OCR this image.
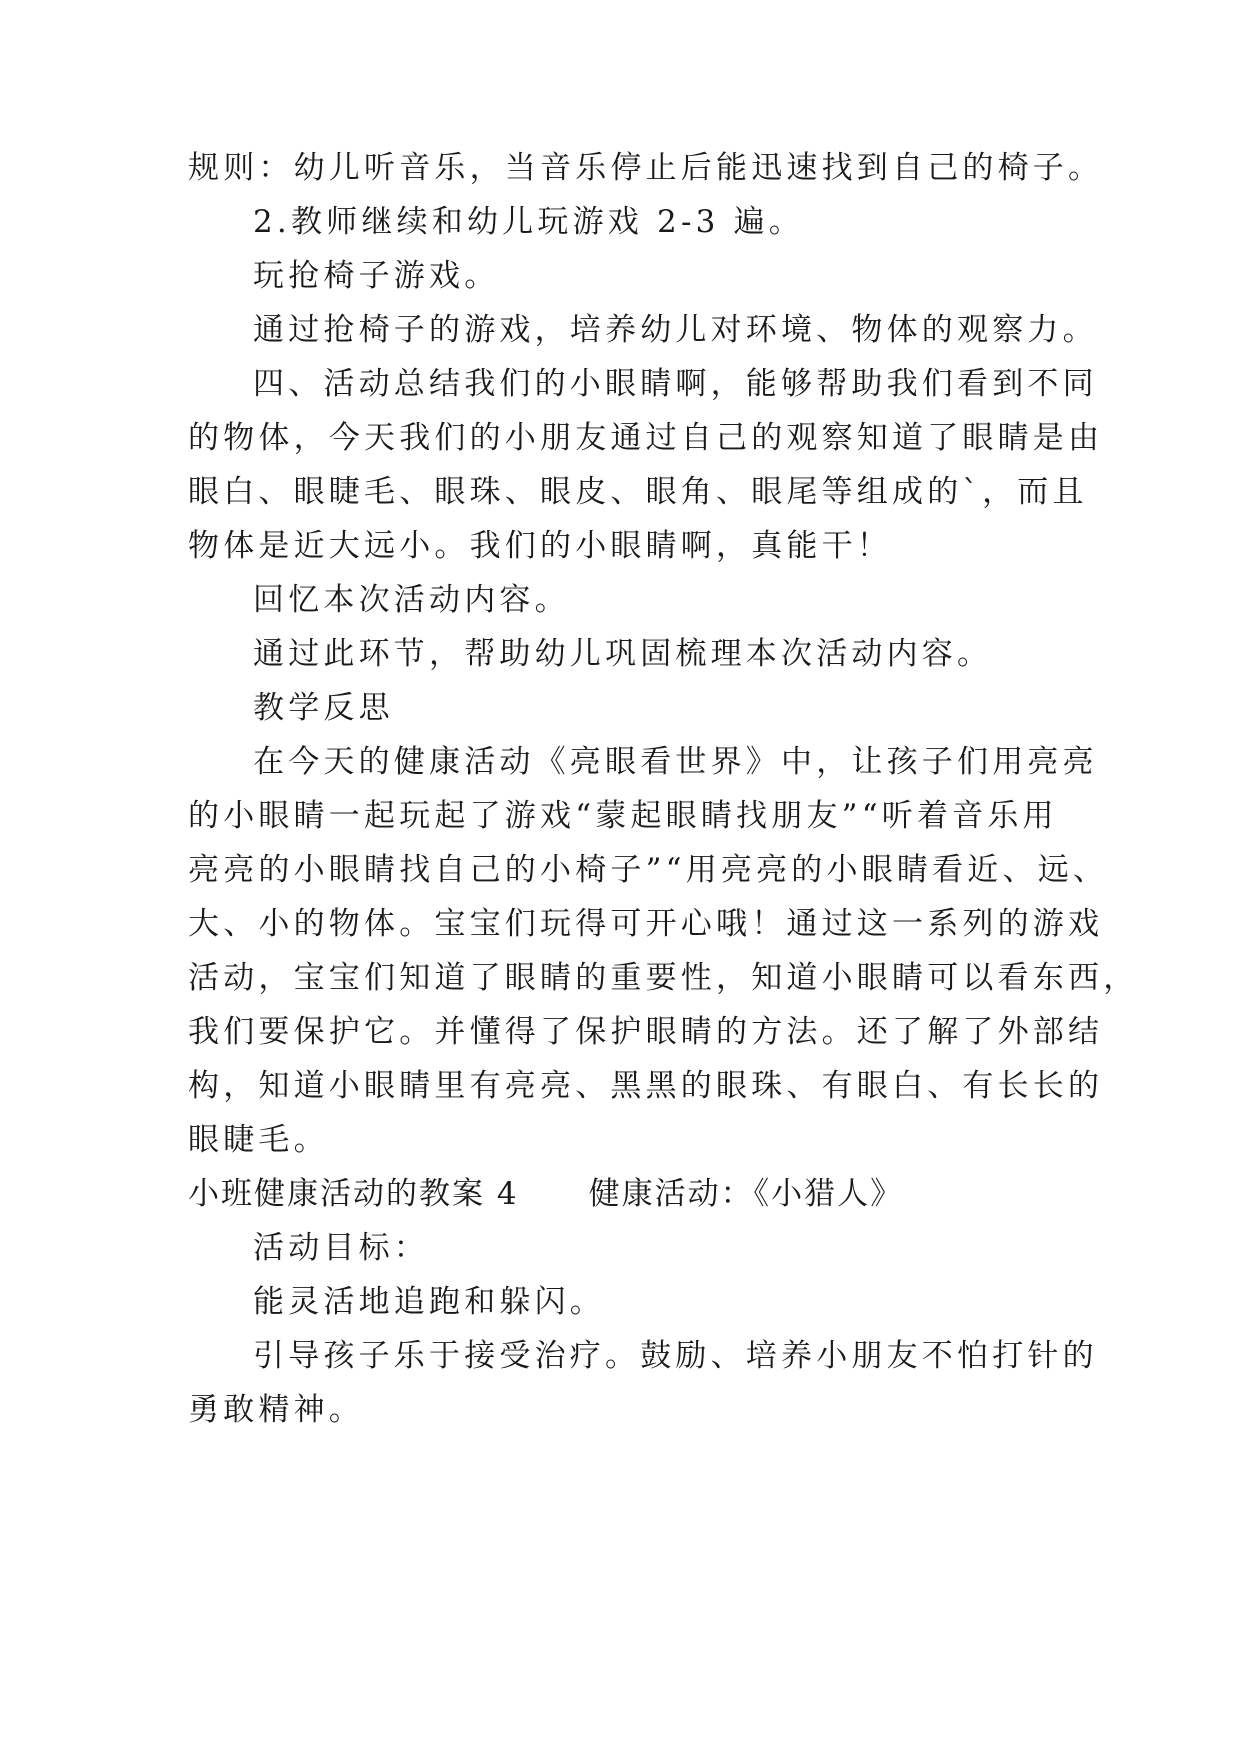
规则：幼儿听音乐，当音乐停止后能迅速找到自己的椅子。
2.教师继续和幼儿玩游戏 2-3 遍。
玩抢椅子游戏。
通过抢椅子的游戏，培养幼儿对环境、物体的观察力。
四、活动总结我们的小眼睛啊，能够帮助我们看到不同
的物体，今天我们的小朋友通过自己的观察知道了眼睛是由
眼白、眼睫毛、眼珠、眼皮、眼角、眼尾等组成的`，而且
物体是近大远小。我们的小眼睛啊，真能干！
回忆本次活动内容。
通过此环节，帮助幼儿巩固梳理本次活动内容。
教学反思
在今天的健康活动《亮眼看世界》中，让孩子们用亮亮
的小眼睛一起玩起了游戏“蒙起眼睛找朋友”“听着音乐用
亮亮的小眼睛找自己的小椅子”“用亮亮的小眼睛看近、远、
大、小的物体。宝宝们玩得可开心哦！通过这一系列的游戏
活动，宝宝们知道了眼睛的重要性，知道小眼睛可以看东西，
我们要保护它。并懂得了保护眼睛的方法。还了解了外部结
构，知道小眼睛里有亮亮、黑黑的眼珠、有眼白、有长长的
眼睫毛。
小班健康活动的教案 4 健康活动：《小猎人》
活动目标：
能灵活地追跑和躲闪。
引导孩子乐于接受治疗。鼓励、培养小朋友不怕打针的
勇敢精神。
